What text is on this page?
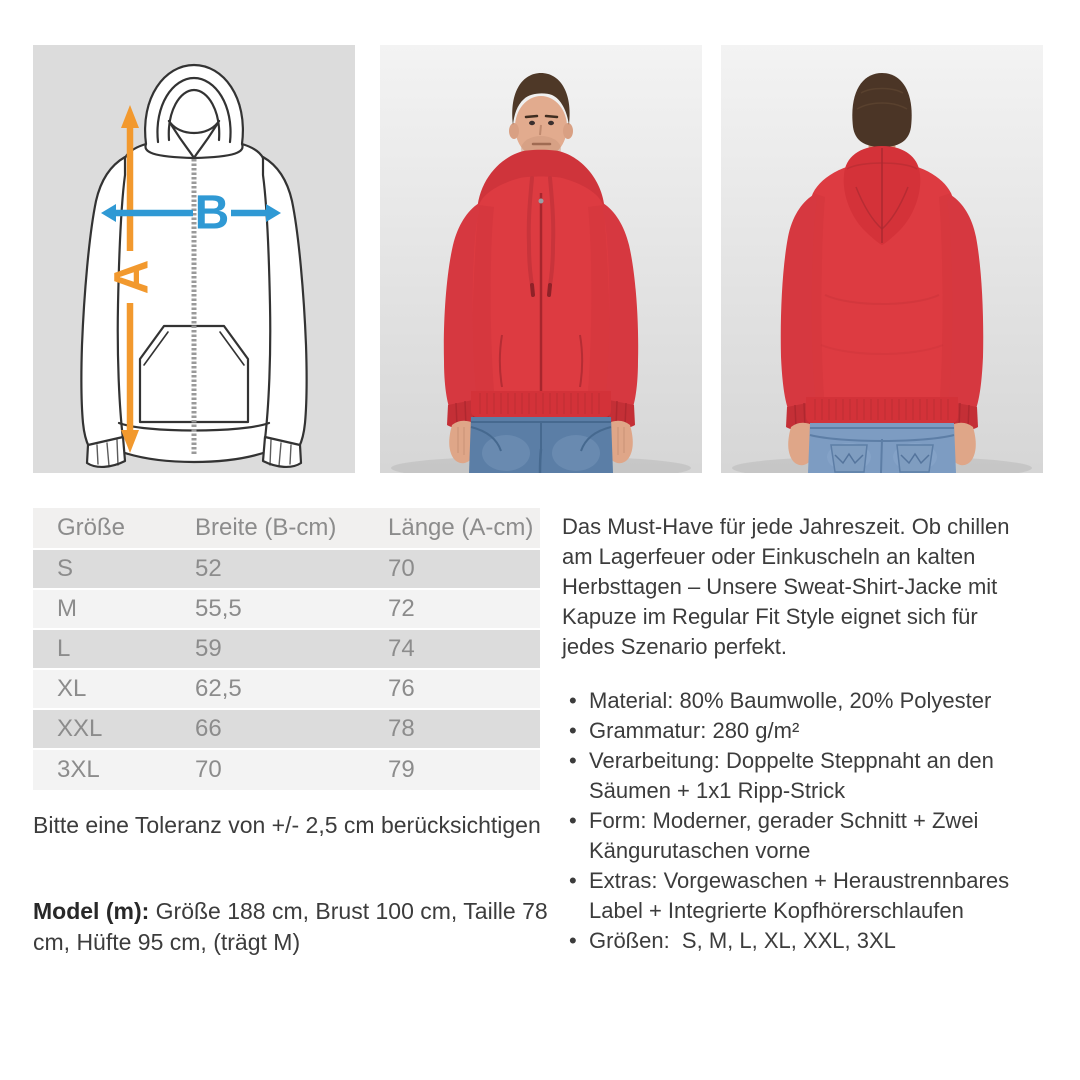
A
B
Größe	Breite (B-cm)	Länge (A-cm)
S	52	70
M	55,5	72
L	59	74
XL	62,5	76
XXL	66	78
3XL	70	79
Bitte eine Toleranz von +/- 2,5 cm berücksichtigen
Model (m): Größe 188 cm, Brust 100 cm, Taille 78 cm, Hüfte 95 cm, (trägt M)
Das Must-Have für jede Jahreszeit. Ob chillen am Lagerfeuer oder Einkuscheln an kalten Herbsttagen – Unsere Sweat-Shirt-Jacke mit Kapuze im Regular Fit Style eignet sich für jedes Szenario perfekt.
• Material: 80% Baumwolle, 20% Polyester
• Grammatur: 280 g/m²
• Verarbeitung: Doppelte Steppnaht an den Säumen + 1x1 Ripp-Strick
• Form: Moderner, gerader Schnitt + Zwei Kängurutaschen vorne
• Extras: Vorgewaschen + Heraustrennbares Label + Integrierte Kopfhörerschlaufen
• Größen:  S, M, L, XL, XXL, 3XL
